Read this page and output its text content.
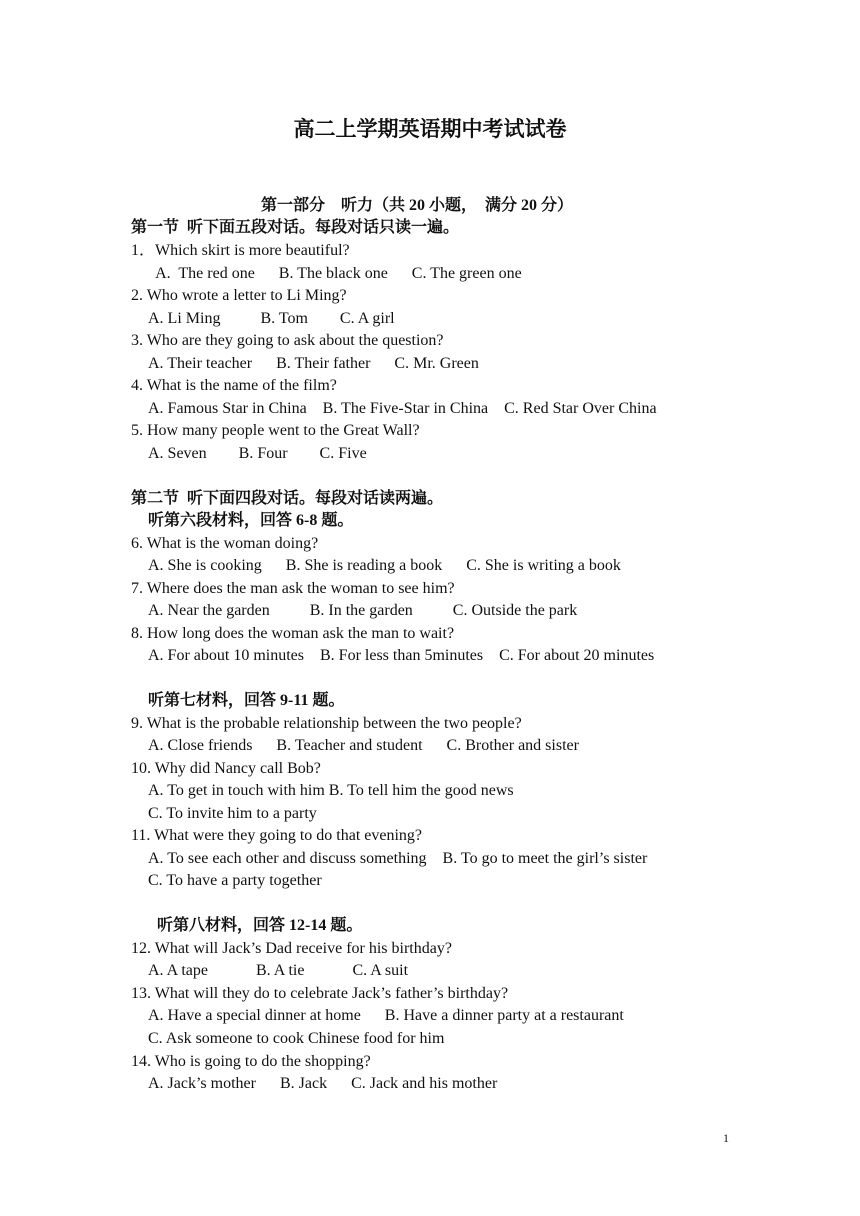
高二上学期英语期中考试试卷
第一部分　听力（共 20 小题，　满分 20 分）
第一节  听下面五段对话。每段对话只读一遍。
1．Which skirt is more beautiful?
A.  The red one      B. The black one      C. The green one
2. Who wrote a letter to Li Ming?
A. Li Ming          B. Tom        C. A girl
3. Who are they going to ask about the question?
A. Their teacher      B. Their father      C. Mr. Green
4. What is the name of the film?
A. Famous Star in China    B. The Five-Star in China    C. Red Star Over China
5. How many people went to the Great Wall?
A. Seven        B. Four        C. Five
第二节  听下面四段对话。每段对话读两遍。
听第六段材料，回答 6-8 题。
6. What is the woman doing?
A. She is cooking      B. She is reading a book      C. She is writing a book
7. Where does the man ask the woman to see him?
A. Near the garden          B. In the garden          C. Outside the park
8. How long does the woman ask the man to wait?
A. For about 10 minutes    B. For less than 5minutes    C. For about 20 minutes
听第七材料，回答 9-11 题。
9. What is the probable relationship between the two people?
A. Close friends      B. Teacher and student      C. Brother and sister
10. Why did Nancy call Bob?
A. To get in touch with him B. To tell him the good news
C. To invite him to a party
11. What were they going to do that evening?
A. To see each other and discuss something    B. To go to meet the girl’s sister
C. To have a party together
听第八材料，回答 12-14 题。
12. What will Jack’s Dad receive for his birthday?
A. A tape            B. A tie            C. A suit
13. What will they do to celebrate Jack’s father’s birthday?
A. Have a special dinner at home      B. Have a dinner party at a restaurant
C. Ask someone to cook Chinese food for him
14. Who is going to do the shopping?
A. Jack’s mother      B. Jack      C. Jack and his mother
1
